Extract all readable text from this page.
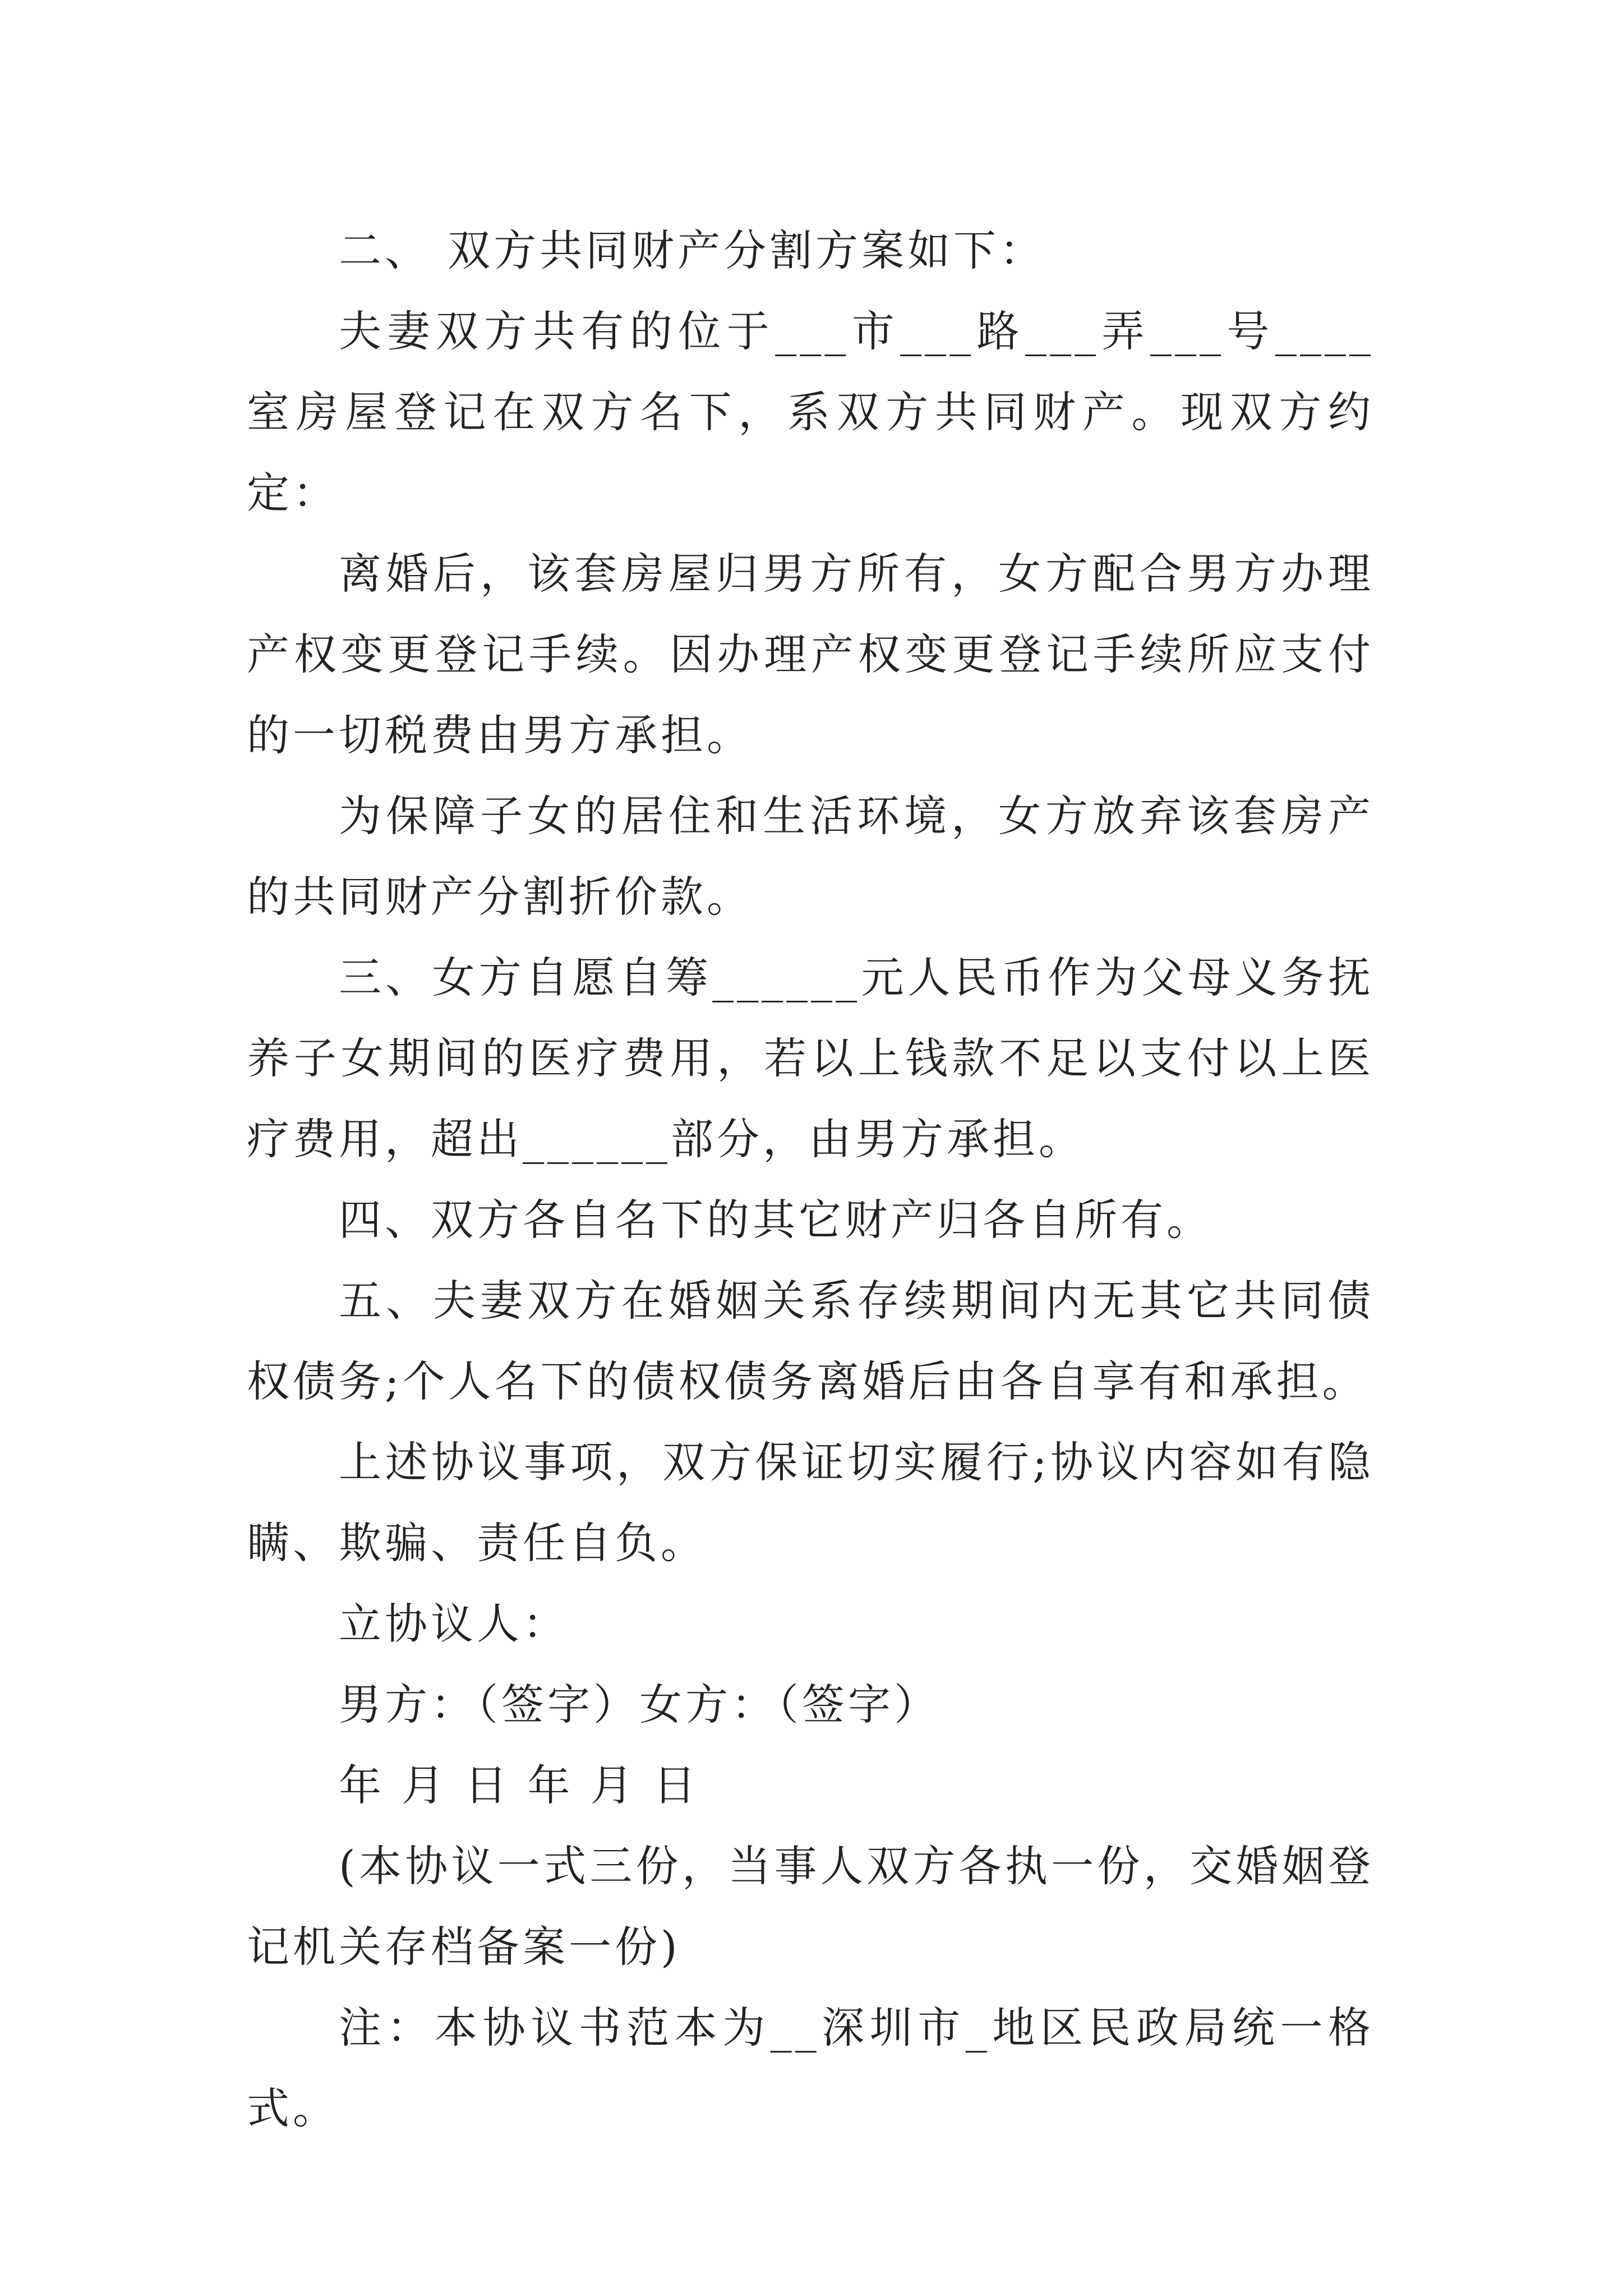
二、 双方共同财产分割方案如下：

夫妻双方共有的位于___市___路___弄___号____室房屋登记在双方名下，系双方共同财产。现双方约定：

离婚后，该套房屋归男方所有，女方配合男方办理产权变更登记手续。因办理产权变更登记手续所应支付的一切税费由男方承担。

为保障子女的居住和生活环境，女方放弃该套房产的共同财产分割折价款。

三、女方自愿自筹______元人民币作为父母义务抚养子女期间的医疗费用，若以上钱款不足以支付以上医疗费用，超出______部分，由男方承担。

四、双方各自名下的其它财产归各自所有。

五、夫妻双方在婚姻关系存续期间内无其它共同债权债务;个人名下的债权债务离婚后由各自享有和承担。

上述协议事项，双方保证切实履行;协议内容如有隐瞒、欺骗、责任自负。

立协议人：

男方：（签字）女方：（签字）

年 月 日 年 月 日

(本协议一式三份，当事人双方各执一份，交婚姻登记机关存档备案一份)

注：本协议书范本为__深圳市_地区民政局统一格式。
